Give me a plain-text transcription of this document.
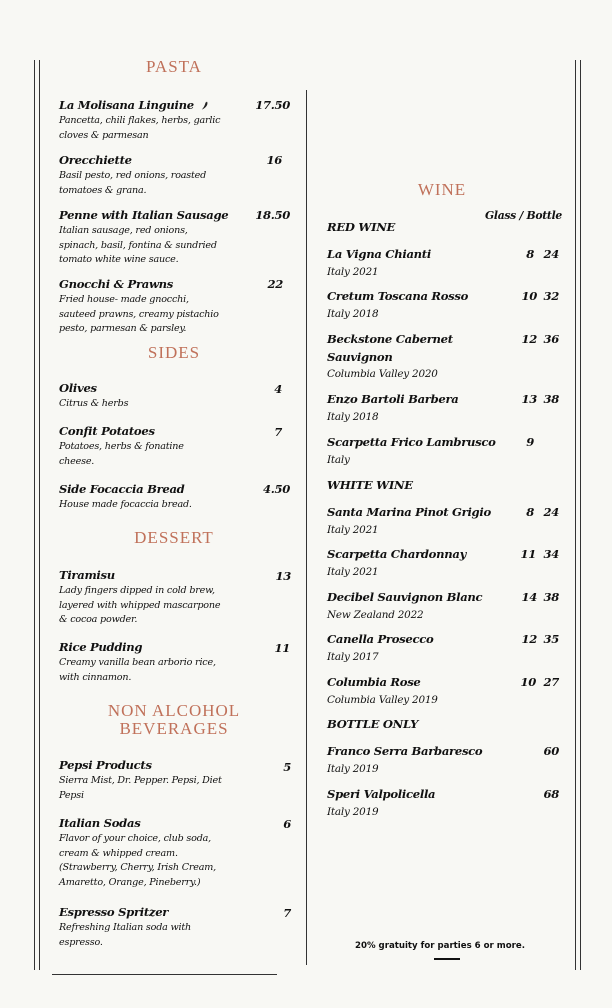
PASTA
La Molisana Linguine
Pancetta, chili flakes, herbs, garlic
cloves & parmesan
17.50
Orecchiette
Basil pesto, red onions, roasted
tomatoes & grana.
16
Penne with Italian Sausage
Italian sausage, red onions,
spinach, basil, fontina & sundried
tomato white wine sauce.
18.50
Gnocchi & Prawns
Fried house- made gnocchi,
sauteed prawns, creamy pistachio
pesto, parmesan & parsley.
22
SIDES
Olives
Citrus & herbs
4
Confit Potatoes
Potatoes, herbs & fonatine
cheese.
7
Side Focaccia Bread
House made focaccia bread.
4.50
DESSERT
Tiramisu
Lady fingers dipped in cold brew,
layered with whipped mascarpone
& cocoa powder.
13
Rice Pudding
Creamy vanilla bean arborio rice,
with cinnamon.
11
NON ALCOHOL
BEVERAGES
Pepsi Products
Sierra Mist, Dr. Pepper. Pepsi, Diet
Pepsi
5
Italian Sodas
Flavor of your choice, club soda,
cream & whipped cream.
(Strawberry, Cherry, Irish Cream,
Amaretto, Orange, Pineberry.)
6
Espresso Spritzer
Refreshing Italian soda with
espresso.
7
WINE
Glass / Bottle
RED WINE
La Vigna Chianti
Italy 2021
8 24
Cretum Toscana Rosso
Italy 2018
10 32
Beckstone Cabernet
Sauvignon
Columbia Valley 2020
12 36
Enzo Bartoli Barbera
Italy 2018
13 38
Scarpetta Frico Lambrusco
Italy
9
WHITE WINE
Santa Marina Pinot Grigio
Italy 2021
8 24
Scarpetta Chardonnay
Italy 2021
11 34
Decibel Sauvignon Blanc
New Zealand 2022
14 38
Canella Prosecco
Italy 2017
12 35
Columbia Rose
Columbia Valley 2019
10 27
BOTTLE ONLY
Franco Serra Barbaresco
Italy 2019
60
Speri Valpolicella
Italy 2019
68
20% gratuity for parties 6 or more.
